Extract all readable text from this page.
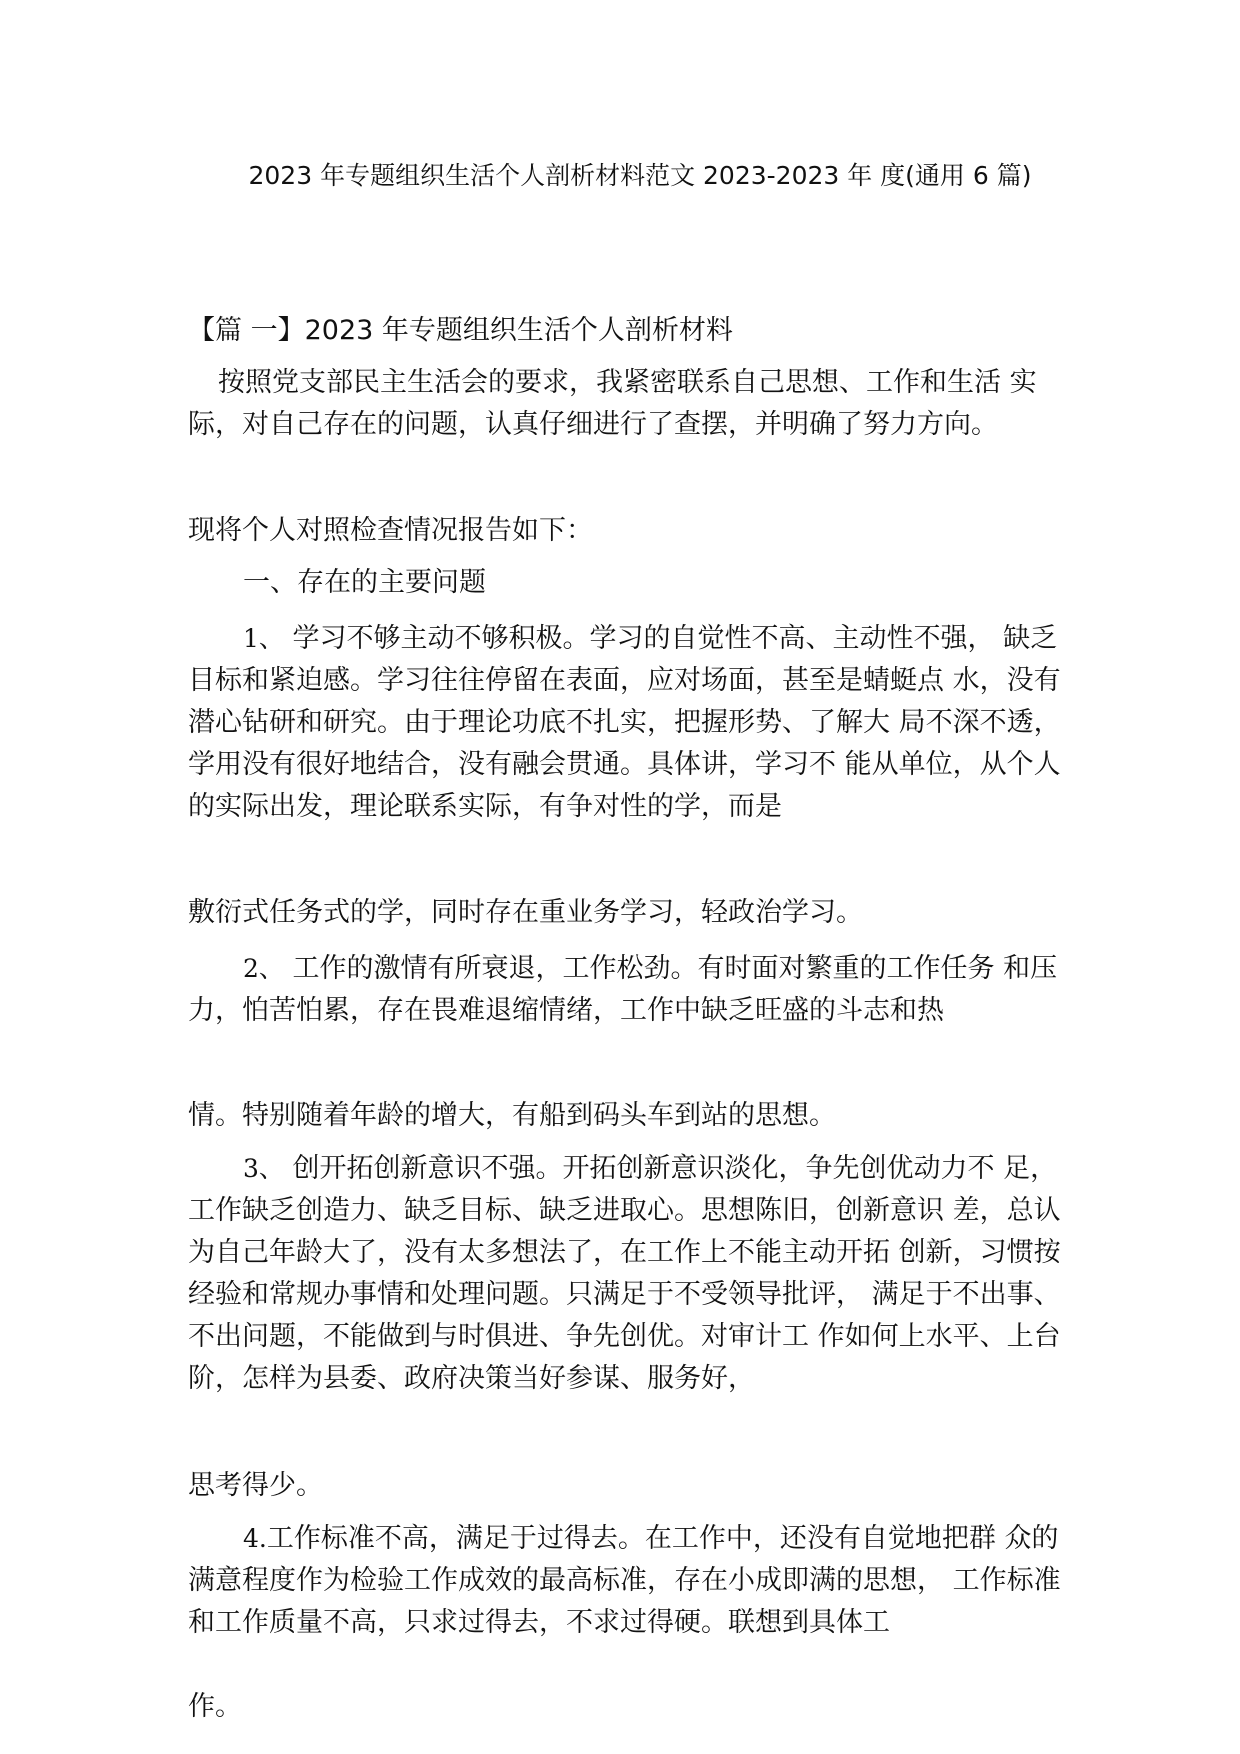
2023 年专题组织生活个人剖析材料范文 2023-2023 年 度(通用 6 篇)

【篇 一】2023 年专题组织生活个人剖析材料

按照党支部民主生活会的要求，我紧密联系自己思想、工作和生活 实际，对自己存在的问题，认真仔细进行了查摆，并明确了努力方向。

现将个人对照检查情况报告如下：

一、存在的主要问题

1、 学习不够主动不够积极。学习的自觉性不高、主动性不强， 缺乏目标和紧迫感。学习往往停留在表面，应对场面，甚至是蜻蜓点 水，没有潜心钻研和研究。由于理论功底不扎实，把握形势、了解大 局不深不透，学用没有很好地结合，没有融会贯通。具体讲，学习不 能从单位，从个人的实际出发，理论联系实际，有争对性的学，而是

敷衍式任务式的学，同时存在重业务学习，轻政治学习。

2、 工作的激情有所衰退，工作松劲。有时面对繁重的工作任务 和压力，怕苦怕累，存在畏难退缩情绪，工作中缺乏旺盛的斗志和热

情。特别随着年龄的增大，有船到码头车到站的思想。

3、 创开拓创新意识不强。开拓创新意识淡化，争先创优动力不 足，工作缺乏创造力、缺乏目标、缺乏进取心。思想陈旧，创新意识 差，总认为自己年龄大了，没有太多想法了，在工作上不能主动开拓 创新，习惯按经验和常规办事情和处理问题。只满足于不受领导批评， 满足于不出事、不出问题，不能做到与时俱进、争先创优。对审计工 作如何上水平、上台阶，怎样为县委、政府决策当好参谋、服务好，

思考得少。

4.工作标准不高，满足于过得去。在工作中，还没有自觉地把群 众的满意程度作为检验工作成效的最高标准，存在小成即满的思想， 工作标准和工作质量不高，只求过得去，不求过得硬。联想到具体工

作。
